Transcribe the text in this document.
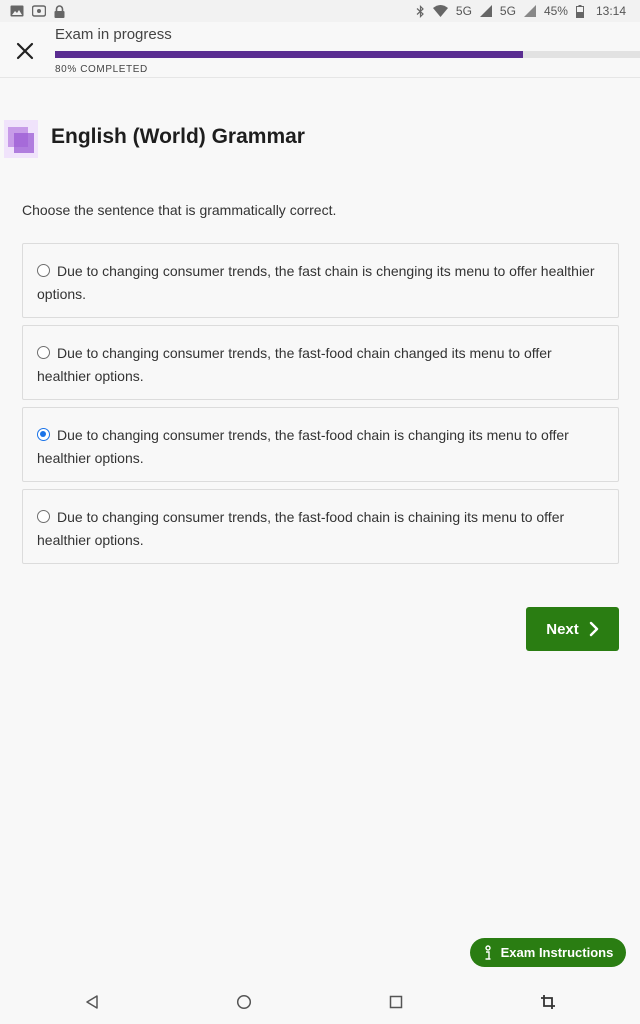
5G 5G 45% 13:14
Exam in progress
80% COMPLETED
English (World) Grammar
Choose the sentence that is grammatically correct.
Due to changing consumer trends, the fast chain is chenging its menu to offer healthier options.
Due to changing consumer trends, the fast-food chain changed its menu to offer healthier options.
Due to changing consumer trends, the fast-food chain is changing its menu to offer healthier options.
Due to changing consumer trends, the fast-food chain is chaining its menu to offer healthier options.
Next
Exam Instructions
